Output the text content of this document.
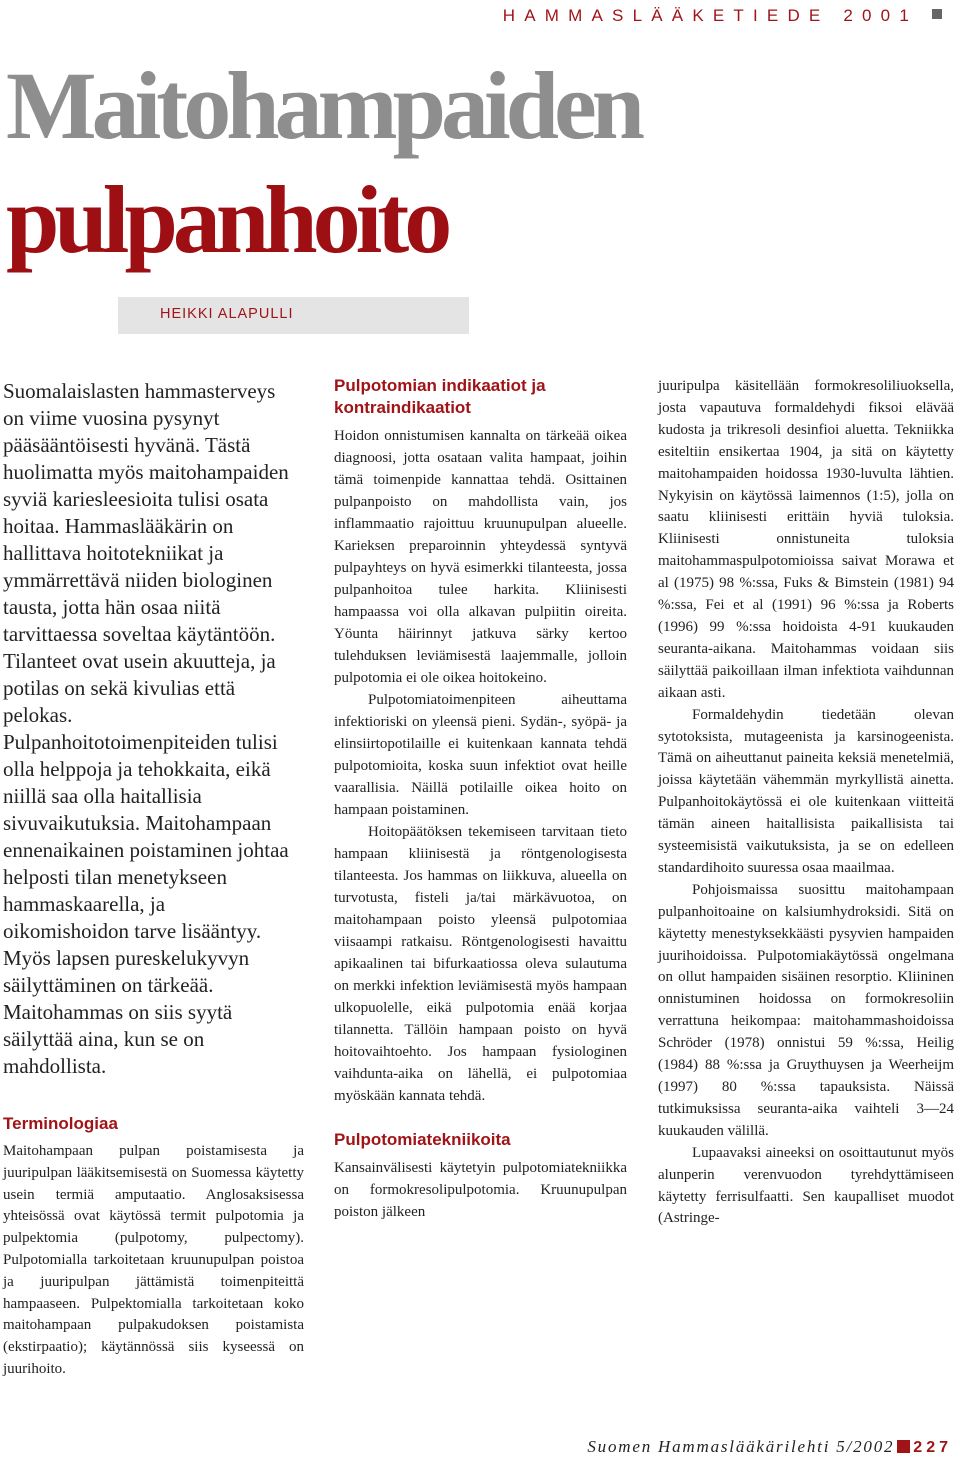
HAMMASLÄÄKETIEDE 2001
Maitohampaiden
pulpanhoito
HEIKKI ALAPULLI

Suomalaislasten hammasterveys on viime vuosina pysynyt pääsääntöisesti hyvänä. Tästä huolimatta myös maitohampaiden syviä kariesleesioita tulisi osata hoitaa. Hammaslääkärin on hallittava hoitotekniikat ja ymmärrettävä niiden biologinen tausta, jotta hän osaa niitä tarvittaessa soveltaa käytäntöön. Tilanteet ovat usein akuutteja, ja potilas on sekä kivulias että pelokas. Pulpanhoitotoimenpiteiden tulisi olla helppoja ja tehokkaita, eikä niillä saa olla haitallisia sivuvaikutuksia. Maitohampaan ennenaikainen poistaminen johtaa helposti tilan menetykseen hammaskaarella, ja oikomishoidon tarve lisääntyy. Myös lapsen pureskelukyvyn säilyttäminen on tärkeää. Maitohammas on siis syytä säilyttää aina, kun se on mahdollista.

Terminologiaa

Maitohampaan pulpan poistamisesta ja juuripulpan lääkitsemisestä on Suomessa käytetty usein termiä amputaatio. Anglosaksisessa yhteisössä ovat käytössä termit pulpotomia ja pulpektomia (pulpotomy, pulpectomy). Pulpotomialla tarkoitetaan kruunupulpan poistoa ja juuripulpan jättämistä toimenpiteittä hampaaseen. Pulpektomialla tarkoitetaan koko maitohampaan pulpakudoksen poistamista (ekstirpaatio); käytännössä siis kyseessä on juurihoito.

Pulpotomian indikaatiot ja kontraindikaatiot

Hoidon onnistumisen kannalta on tärkeää oikea diagnoosi, jotta osataan valita hampaat, joihin tämä toimenpide kannattaa tehdä. Osittainen pulpanpoisto on mahdollista vain, jos inflammaatio rajoittuu kruunupulpan alueelle. Karieksen preparoinnin yhteydessä syntyvä pulpayhteys on hyvä esimerkki tilanteesta, jossa pulpanhoitoa tulee harkita. Kliinisesti hampaassa voi olla alkavan pulpiitin oireita. Yöunta häirinnyt jatkuva särky kertoo tulehduksen leviämisestä laajemmalle, jolloin pulpotomia ei ole oikea hoitokeino.

Pulpotomiatoimenpiteen aiheuttama infektioriski on yleensä pieni. Sydän-, syöpä- ja elinsiirtopotilaille ei kuitenkaan kannata tehdä pulpotomioita, koska suun infektiot ovat heille vaarallisia. Näillä potilaille oikea hoito on hampaan poistaminen.

Hoitopäätöksen tekemiseen tarvitaan tieto hampaan kliinisestä ja röntgenologisesta tilanteesta. Jos hammas on liikkuva, alueella on turvotusta, fisteli ja/tai märkävuotoa, on maitohampaan poisto yleensä pulpotomiaa viisaampi ratkaisu. Röntgenologisesti havaittu apikaalinen tai bifurkaatiossa oleva sulautuma on merkki infektion leviämisestä myös hampaan ulkopuolelle, eikä pulpotomia enää korjaa tilannetta. Tällöin hampaan poisto on hyvä hoitovaihtoehto. Jos hampaan fysiologinen vaihdunta-aika on lähellä, ei pulpotomiaa myöskään kannata tehdä.

Pulpotomiatekniikoita

Kansainvälisesti käytetyin pulpotomiatekniikka on formokresolipulpotomia. Kruunupulpan poiston jälkeen

juuripulpa käsitellään formokresoliliuoksella, josta vapautuva formaldehydi fiksoi elävää kudosta ja trikresoli desinfioi aluetta. Tekniikka esiteltiin ensikertaa 1904, ja sitä on käytetty maitohampaiden hoidossa 1930-luvulta lähtien. Nykyisin on käytössä laimennos (1:5), jolla on saatu kliinisesti erittäin hyviä tuloksia. Kliinisesti onnistuneita tuloksia maitohammaspulpotomioissa saivat Morawa et al (1975) 98 %:ssa, Fuks & Bimstein (1981) 94 %:ssa, Fei et al (1991) 96 %:ssa ja Roberts (1996) 99 %:ssa hoidoista 4-91 kuukauden seuranta-aikana. Maitohammas voidaan siis säilyttää paikoillaan ilman infektiota vaihdunnan aikaan asti.

Formaldehydin tiedetään olevan sytotoksista, mutageenista ja karsinogeenista. Tämä on aiheuttanut paineita keksiä menetelmiä, joissa käytetään vähemmän myrkyllistä ainetta. Pulpanhoitokäytössä ei ole kuitenkaan viitteitä tämän aineen haitallisista paikallisista tai systeemisistä vaikutuksista, ja se on edelleen standardihoito suuressa osaa maailmaa.

Pohjoismaissa suosittu maitohampaan pulpanhoitoaine on kalsiumhydroksidi. Sitä on käytetty menestyksekkäästi pysyvien hampaiden juurihoidoissa. Pulpotomiakäytössä ongelmana on ollut hampaiden sisäinen resorptio. Kliininen onnistuminen hoidossa on formokresoliin verrattuna heikompaa: maitohammashoidoissa Schröder (1978) onnistui 59 %:ssa, Heilig (1984) 88 %:ssa ja Gruythuysen ja Weerheijm (1997) 80 %:ssa tapauksista. Näissä tutkimuksissa seuranta-aika vaihteli 3—24 kuukauden välillä.

Lupaavaksi aineeksi on osoittautunut myös alunperin verenvuodon tyrehdyttämiseen käytetty ferrisulfaatti. Sen kaupalliset muodot (Astringe-

Suomen Hammaslääkärilehti 5/2002 227
